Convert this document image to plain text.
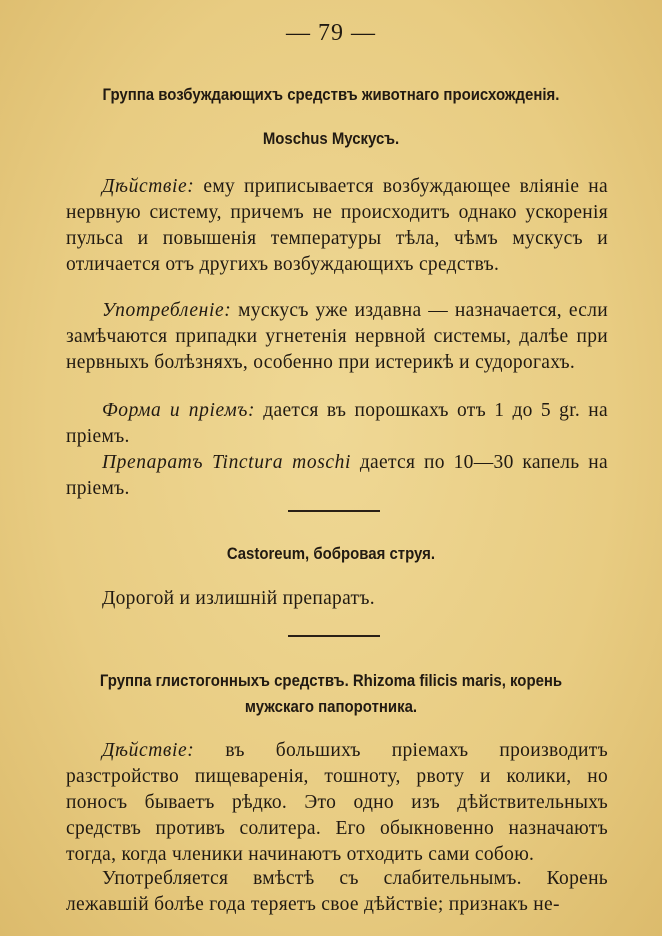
— 79 —
Группа возбуждающихъ средствъ животнаго происхожденія.
Moschus Мускусъ.
Дѣйствіе: ему приписывается возбуждающее вліяніе на нервную систему, причемъ не происходитъ однако ускоренія пульса и повышенія температуры тѣла, чѣмъ мускусъ и отличается отъ другихъ возбуждающихъ средствъ.
Употребленіе: мускусъ уже издавна — назначается, если замѣчаются припадки угнетенія нервной системы, далѣе при нервныхъ болѣзняхъ, особенно при истерикѣ и судорогахъ.
Форма и пріемъ: дается въ порошкахъ отъ 1 до 5 gr. на пріемъ.
Препаратъ Tinctura moschi дается по 10—30 капель на пріемъ.
Castoreum, бобровая струя.
Дорогой и излишній препаратъ.
Группа глистогонныхъ средствъ. Rhizoma filicis maris, корень мужскаго папоротника.
Дѣйствіе: въ большихъ пріемахъ производитъ разстройство пищеваренія, тошноту, рвоту и колики, но поносъ бываетъ рѣдко. Это одно изъ дѣйствительныхъ средствъ противъ солитера. Его обыкновенно назначаютъ тогда, когда членики начинаютъ отходить сами собою.
Употребляется вмѣстѣ съ слабительнымъ. Корень лежавшій болѣе года теряетъ свое дѣйствіе; признакъ не-
